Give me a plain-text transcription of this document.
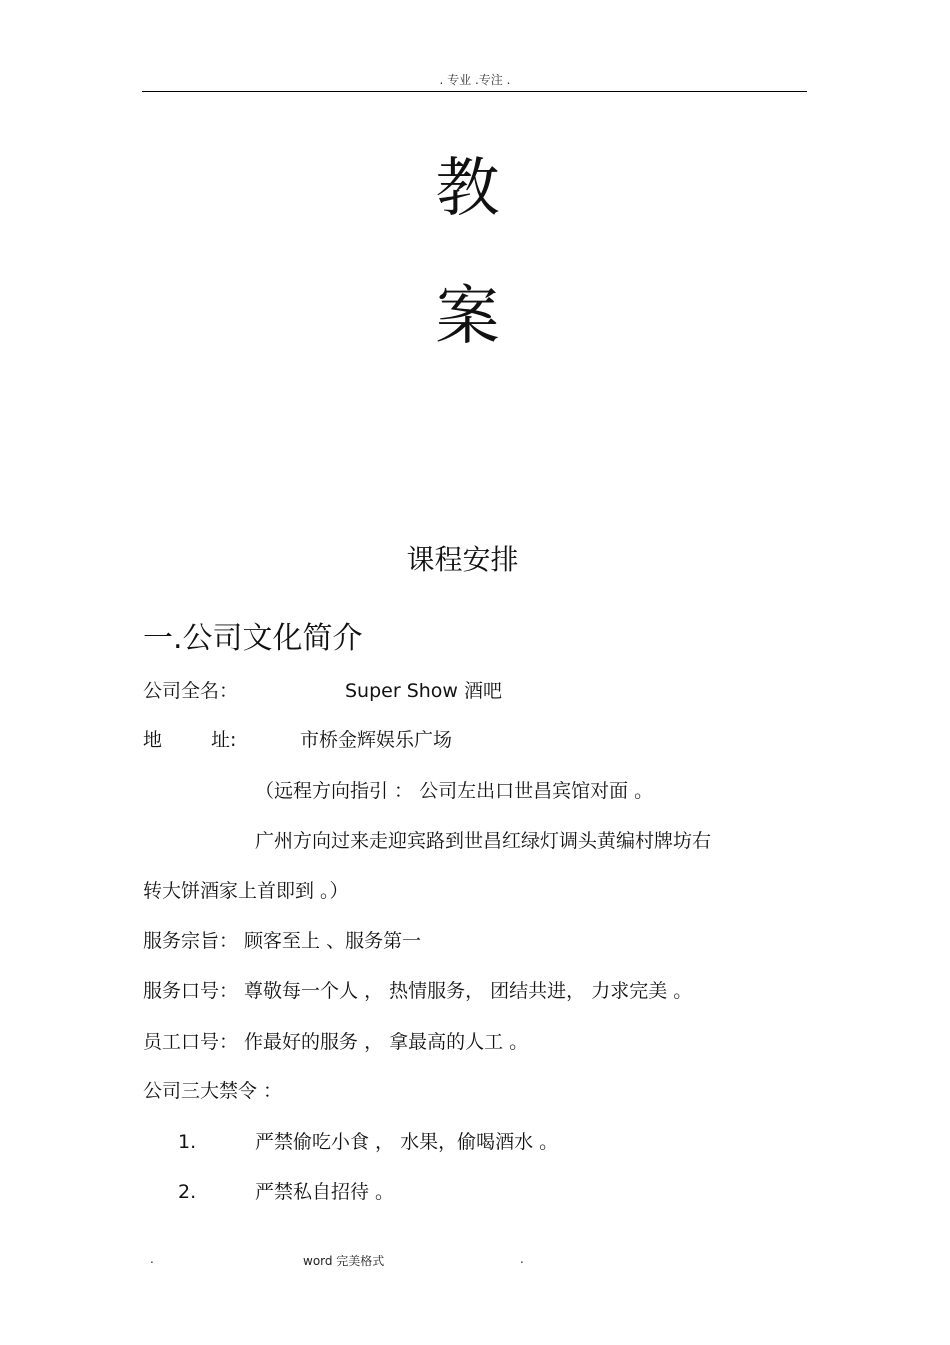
. 专业 .专注 .
教
案
课程安排
一.公司文化简介
公司全名：	Super Show 酒吧
地	址:	市桥金辉娱乐广场
（远程方向指引 ： 公司左出口世昌宾馆对面 。
广州方向过来走迎宾路到世昌红绿灯调头黄编村牌坊右
转大饼酒家上首即到 。）
服务宗旨： 顾客至上 、服务第一
服务口号： 尊敬每一个人 ， 热情服务， 团结共进， 力求完美 。
员工口号： 作最好的服务 ， 拿最高的人工 。
公司三大禁令 ：
1.	严禁偷吃小食 ， 水果，偷喝酒水 。
2.	严禁私自招待 。
.	word 完美格式	.
